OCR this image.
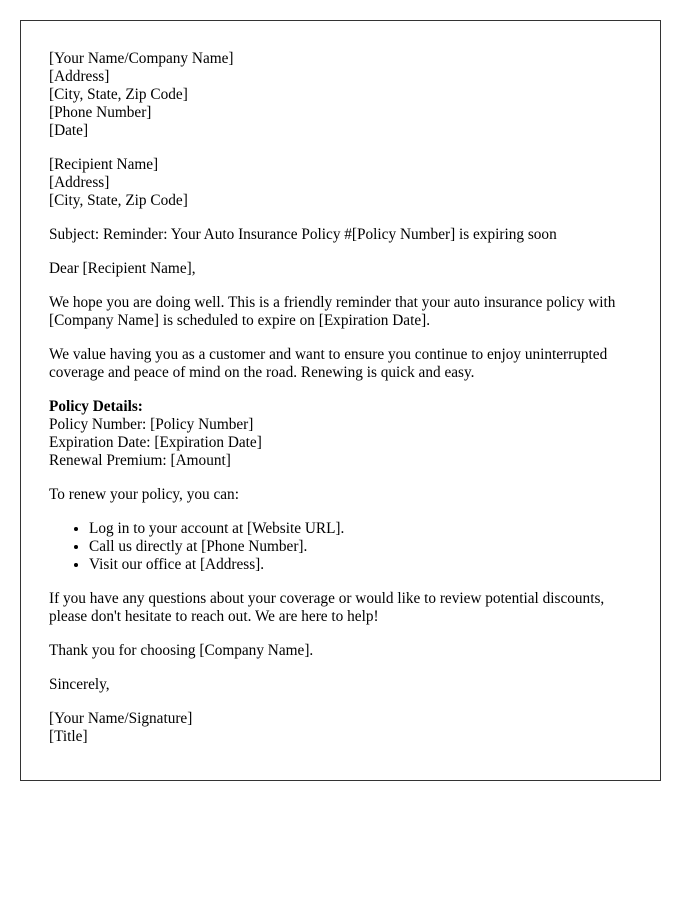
[Your Name/Company Name]
[Address]
[City, State, Zip Code]
[Phone Number]
[Date]
[Recipient Name]
[Address]
[City, State, Zip Code]

Subject: Reminder: Your Auto Insurance Policy #[Policy Number] is expiring soon

Dear [Recipient Name],

We hope you are doing well. This is a friendly reminder that your auto insurance policy with [Company Name] is scheduled to expire on [Expiration Date].

We value having you as a customer and want to ensure you continue to enjoy uninterrupted coverage and peace of mind on the road. Renewing is quick and easy.

Policy Details:
Policy Number: [Policy Number]
Expiration Date: [Expiration Date]
Renewal Premium: [Amount]

To renew your policy, you can:

• Log in to your account at [Website URL].
• Call us directly at [Phone Number].
• Visit our office at [Address].

If you have any questions about your coverage or would like to review potential discounts, please don't hesitate to reach out. We are here to help!

Thank you for choosing [Company Name].

Sincerely,

[Your Name/Signature]
[Title]
